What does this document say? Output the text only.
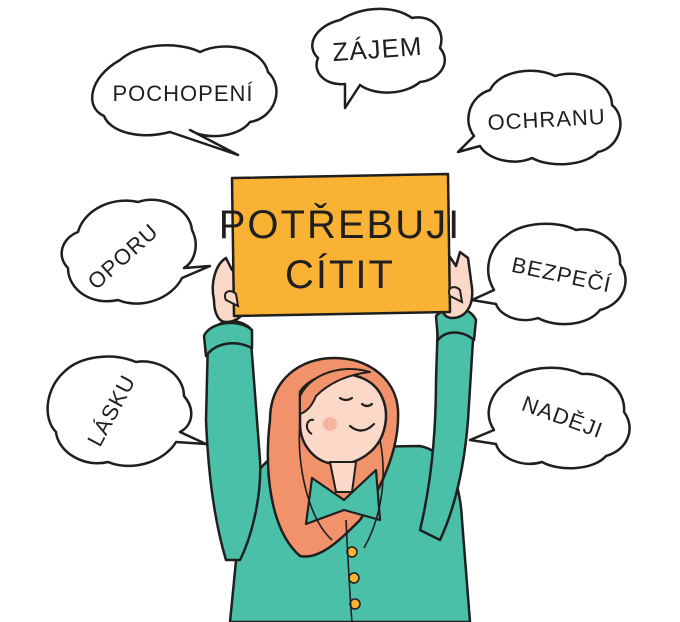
ZÁJEM
POCHOPENÍ
OCHRANU
OPORU	BEZPEČÍ
LÁSKU	NADĚJI
POTŘEBUJI
CÍTIT
